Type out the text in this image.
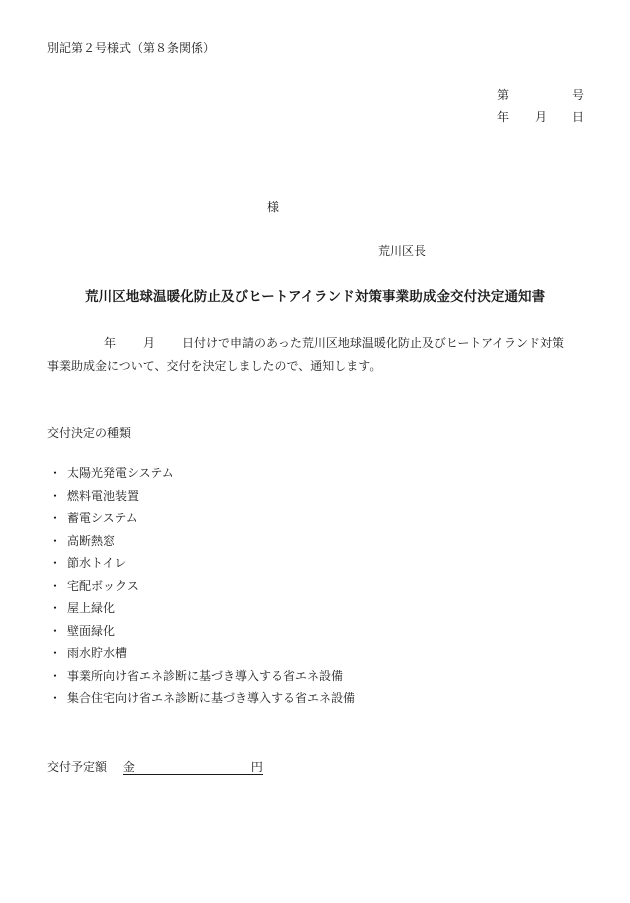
別記第２号様式（第８条関係）
第	号
年 月 日
様
荒川区長
荒川区地球温暖化防止及びヒートアイランド対策事業助成金交付決定通知書
年 月 日付けで申請のあった荒川区地球温暖化防止及びヒートアイランド対策
事業助成金について、交付を決定しましたので、通知します。
交付決定の種類
・ 太陽光発電システム
・ 燃料電池装置
・ 蓄電システム
・ 高断熱窓
・ 節水トイレ
・ 宅配ボックス
・ 屋上緑化
・ 壁面緑化
・ 雨水貯水槽
・ 事業所向け省エネ診断に基づき導入する省エネ設備
・ 集合住宅向け省エネ診断に基づき導入する省エネ設備
交付予定額 金	円
